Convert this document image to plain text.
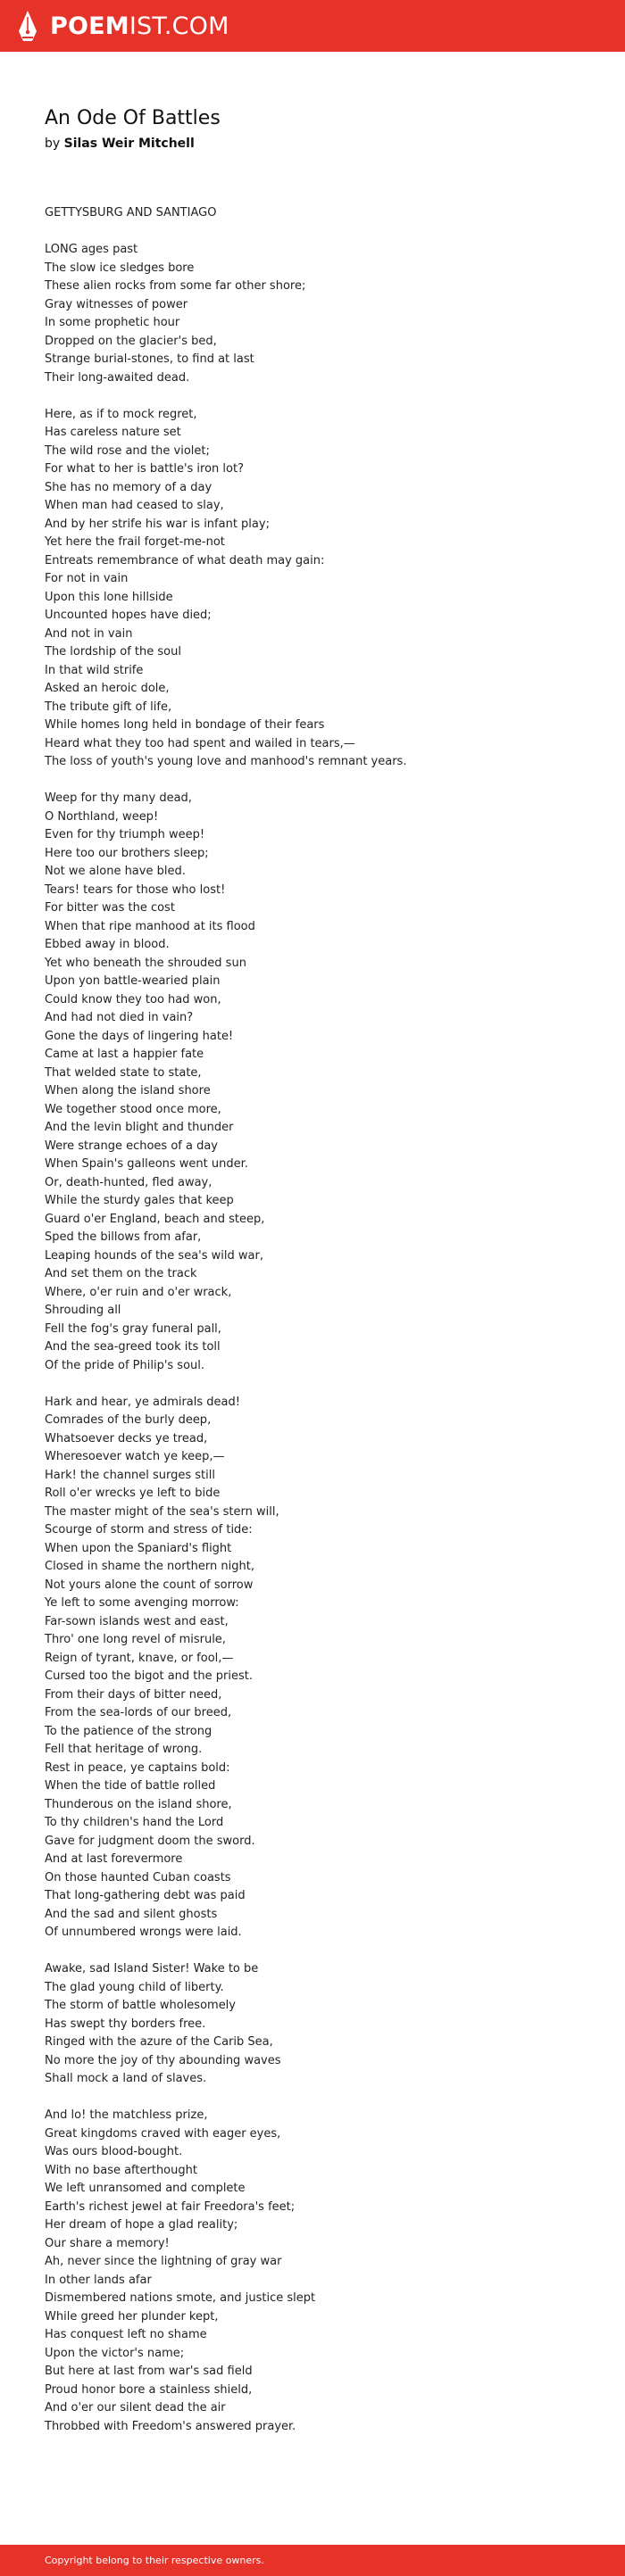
POEMIST.COM
An Ode Of Battles
by Silas Weir Mitchell

GETTYSBURG AND SANTIAGO

LONG ages past
The slow ice sledges bore
These alien rocks from some far other shore;
Gray witnesses of power
In some prophetic hour
Dropped on the glacier's bed,
Strange burial-stones, to find at last
Their long-awaited dead.
Here, as if to mock regret,
Has careless nature set
The wild rose and the violet;
For what to her is battle's iron lot?
She has no memory of a day
When man had ceased to slay,
And by her strife his war is infant play;
Yet here the frail forget-me-not
Entreats remembrance of what death may gain:
For not in vain
Upon this lone hillside
Uncounted hopes have died;
And not in vain
The lordship of the soul
In that wild strife
Asked an heroic dole,
The tribute gift of life,
While homes long held in bondage of their fears
Heard what they too had spent and wailed in tears,—
The loss of youth's young love and manhood's remnant years.
Weep for thy many dead,
O Northland, weep!
Even for thy triumph weep!
Here too our brothers sleep;
Not we alone have bled.
Tears! tears for those who lost!
For bitter was the cost
When that ripe manhood at its flood
Ebbed away in blood.
Yet who beneath the shrouded sun
Upon yon battle-wearied plain
Could know they too had won,
And had not died in vain?
Gone the days of lingering hate!
Came at last a happier fate
That welded state to state,
When along the island shore
We together stood once more,
And the levin blight and thunder
Were strange echoes of a day
When Spain's galleons went under.
Or, death-hunted, fled away,
While the sturdy gales that keep
Guard o'er England, beach and steep,
Sped the billows from afar,
Leaping hounds of the sea's wild war,
And set them on the track
Where, o'er ruin and o'er wrack,
Shrouding all
Fell the fog's gray funeral pall,
And the sea-greed took its toll
Of the pride of Philip's soul.
Hark and hear, ye admirals dead!
Comrades of the burly deep,
Whatsoever decks ye tread,
Wheresoever watch ye keep,—
Hark! the channel surges still
Roll o'er wrecks ye left to bide
The master might of the sea's stern will,
Scourge of storm and stress of tide:
When upon the Spaniard's flight
Closed in shame the northern night,
Not yours alone the count of sorrow
Ye left to some avenging morrow:
Far-sown islands west and east,
Thro' one long revel of misrule,
Reign of tyrant, knave, or fool,—
Cursed too the bigot and the priest.
From their days of bitter need,
From the sea-lords of our breed,
To the patience of the strong
Fell that heritage of wrong.
Rest in peace, ye captains bold:
When the tide of battle rolled
Thunderous on the island shore,
To thy children's hand the Lord
Gave for judgment doom the sword.
And at last forevermore
On those haunted Cuban coasts
That long-gathering debt was paid
And the sad and silent ghosts
Of unnumbered wrongs were laid.
Awake, sad Island Sister! Wake to be
The glad young child of liberty.
The storm of battle wholesomely
Has swept thy borders free.
Ringed with the azure of the Carib Sea,
No more the joy of thy abounding waves
Shall mock a land of slaves.
And lo! the matchless prize,
Great kingdoms craved with eager eyes,
Was ours blood-bought.
With no base afterthought
We left unransomed and complete
Earth's richest jewel at fair Freedora's feet;
Her dream of hope a glad reality;
Our share a memory!
Ah, never since the lightning of gray war
In other lands afar
Dismembered nations smote, and justice slept
While greed her plunder kept,
Has conquest left no shame
Upon the victor's name;
But here at last from war's sad field
Proud honor bore a stainless shield,
And o'er our silent dead the air
Throbbed with Freedom's answered prayer.
Copyright belong to their respective owners.
